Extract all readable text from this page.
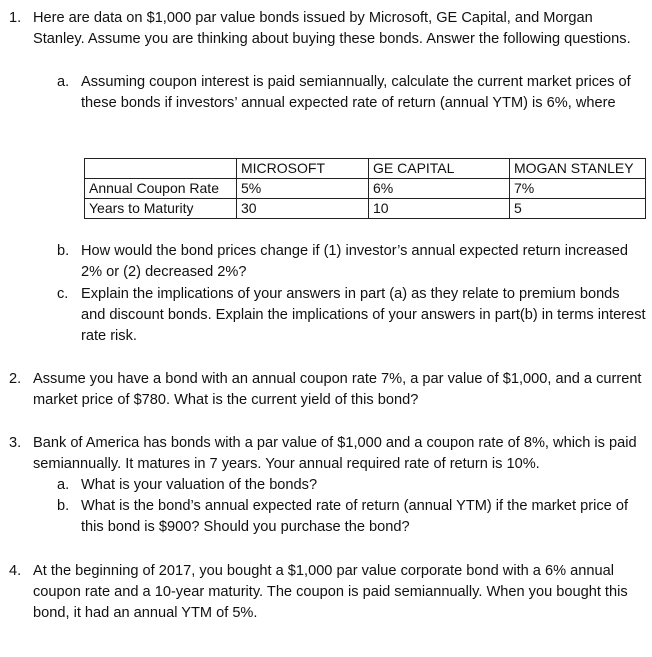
1. Here are data on $1,000 par value bonds issued by Microsoft, GE Capital, and Morgan Stanley. Assume you are thinking about buying these bonds. Answer the following questions.

a. Assuming coupon interest is paid semiannually, calculate the current market prices of these bonds if investors’ annual expected rate of return (annual YTM) is 6%, where

	MICROSOFT	GE CAPITAL	MOGAN STANLEY
Annual Coupon Rate	5%	6%	7%
Years to Maturity	30	10	5
b. How would the bond prices change if (1) investor’s annual expected return increased 2% or (2) decreased 2%?

c. Explain the implications of your answers in part (a) as they relate to premium bonds and discount bonds. Explain the implications of your answers in part(b) in terms interest rate risk.

2. Assume you have a bond with an annual coupon rate 7%, a par value of $1,000, and a current market price of $780. What is the current yield of this bond?

3. Bank of America has bonds with a par value of $1,000 and a coupon rate of 8%, which is paid semiannually. It matures in 7 years. Your annual required rate of return is 10%.

a. What is your valuation of the bonds?

b. What is the bond’s annual expected rate of return (annual YTM) if the market price of this bond is $900? Should you purchase the bond?

4. At the beginning of 2017, you bought a $1,000 par value corporate bond with a 6% annual coupon rate and a 10-year maturity. The coupon is paid semiannually. When you bought this bond, it had an annual YTM of 5%.
